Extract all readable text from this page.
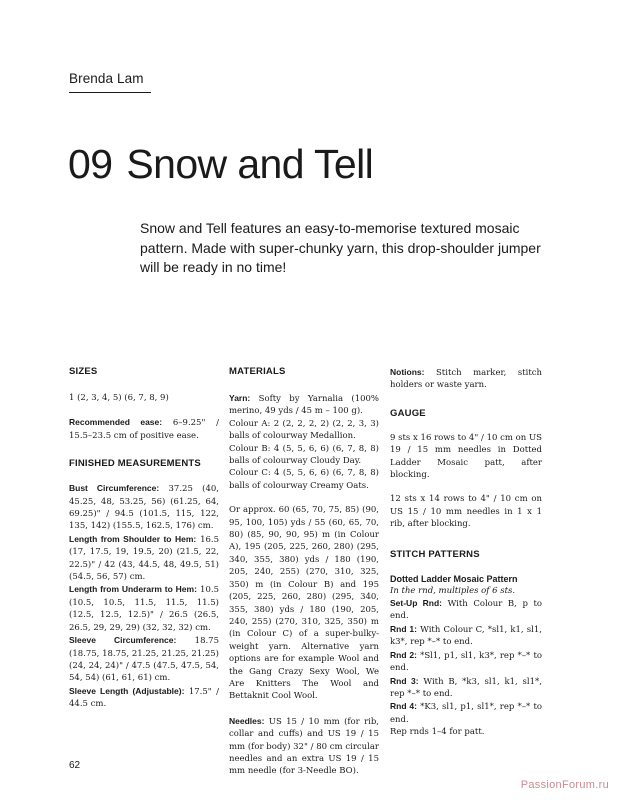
Brenda Lam
09 Snow and Tell

Snow and Tell features an easy-to-memorise textured mosaic pattern. Made with super-chunky yarn, this drop-shoulder jumper will be ready in no time!

SIZES

1 (2, 3, 4, 5) (6, 7, 8, 9)

Recommended ease: 6–9.25" / 15.5–23.5 cm of positive ease.

FINISHED MEASUREMENTS

Bust Circumference: 37.25 (40, 45.25, 48, 53.25, 56) (61.25, 64, 69.25)" / 94.5 (101.5, 115, 122, 135, 142) (155.5, 162.5, 176) cm.

Length from Shoulder to Hem: 16.5 (17, 17.5, 19, 19.5, 20) (21.5, 22, 22.5)" / 42 (43, 44.5, 48, 49.5, 51) (54.5, 56, 57) cm.

Length from Underarm to Hem: 10.5 (10.5, 10.5, 11.5, 11.5, 11.5) (12.5, 12.5, 12.5)" / 26.5 (26.5, 26.5, 29, 29, 29) (32, 32, 32) cm.

Sleeve Circumference: 18.75 (18.75, 18.75, 21.25, 21.25, 21.25) (24, 24, 24)" / 47.5 (47.5, 47.5, 54, 54, 54) (61, 61, 61) cm.

Sleeve Length (Adjustable): 17.5" / 44.5 cm.

MATERIALS

Yarn: Softy by Yarnalia (100% merino, 49 yds / 45 m – 100 g).

Colour A: 2 (2, 2, 2, 2) (2, 2, 3, 3) balls of colourway Medallion.

Colour B: 4 (5, 5, 6, 6) (6, 7, 8, 8) balls of colourway Cloudy Day.

Colour C: 4 (5, 5, 6, 6) (6, 7, 8, 8) balls of colourway Creamy Oats.

Or approx. 60 (65, 70, 75, 85) (90, 95, 100, 105) yds / 55 (60, 65, 70, 80) (85, 90, 90, 95) m (in Colour A), 195 (205, 225, 260, 280) (295, 340, 355, 380) yds / 180 (190, 205, 240, 255) (270, 310, 325, 350) m (in Colour B) and 195 (205, 225, 260, 280) (295, 340, 355, 380) yds / 180 (190, 205, 240, 255) (270, 310, 325, 350) m (in Colour C) of a super-bulky-weight yarn. Alternative yarn options are for example Wool and the Gang Crazy Sexy Wool, We Are Knitters The Wool and Bettaknit Cool Wool.

Needles: US 15 / 10 mm (for rib, collar and cuffs) and US 19 / 15 mm (for body) 32" / 80 cm circular needles and an extra US 19 / 15 mm needle (for 3-Needle BO).

Notions: Stitch marker, stitch holders or waste yarn.

GAUGE

9 sts x 16 rows to 4" / 10 cm on US 19 / 15 mm needles in Dotted Ladder Mosaic patt, after blocking.

12 sts x 14 rows to 4" / 10 cm on US 15 / 10 mm needles in 1 x 1 rib, after blocking.

STITCH PATTERNS

Dotted Ladder Mosaic Pattern

In the rnd, multiples of 6 sts.

Set-Up Rnd: With Colour B, p to end.

Rnd 1: With Colour C, *sl1, k1, sl1, k3*, rep *–* to end.

Rnd 2: *Sl1, p1, sl1, k3*, rep *–* to end.

Rnd 3: With B, *k3, sl1, k1, sl1*, rep *–* to end.

Rnd 4: *K3, sl1, p1, sl1*, rep *–* to end.

Rep rnds 1–4 for patt.

62
PassionForum.ru
